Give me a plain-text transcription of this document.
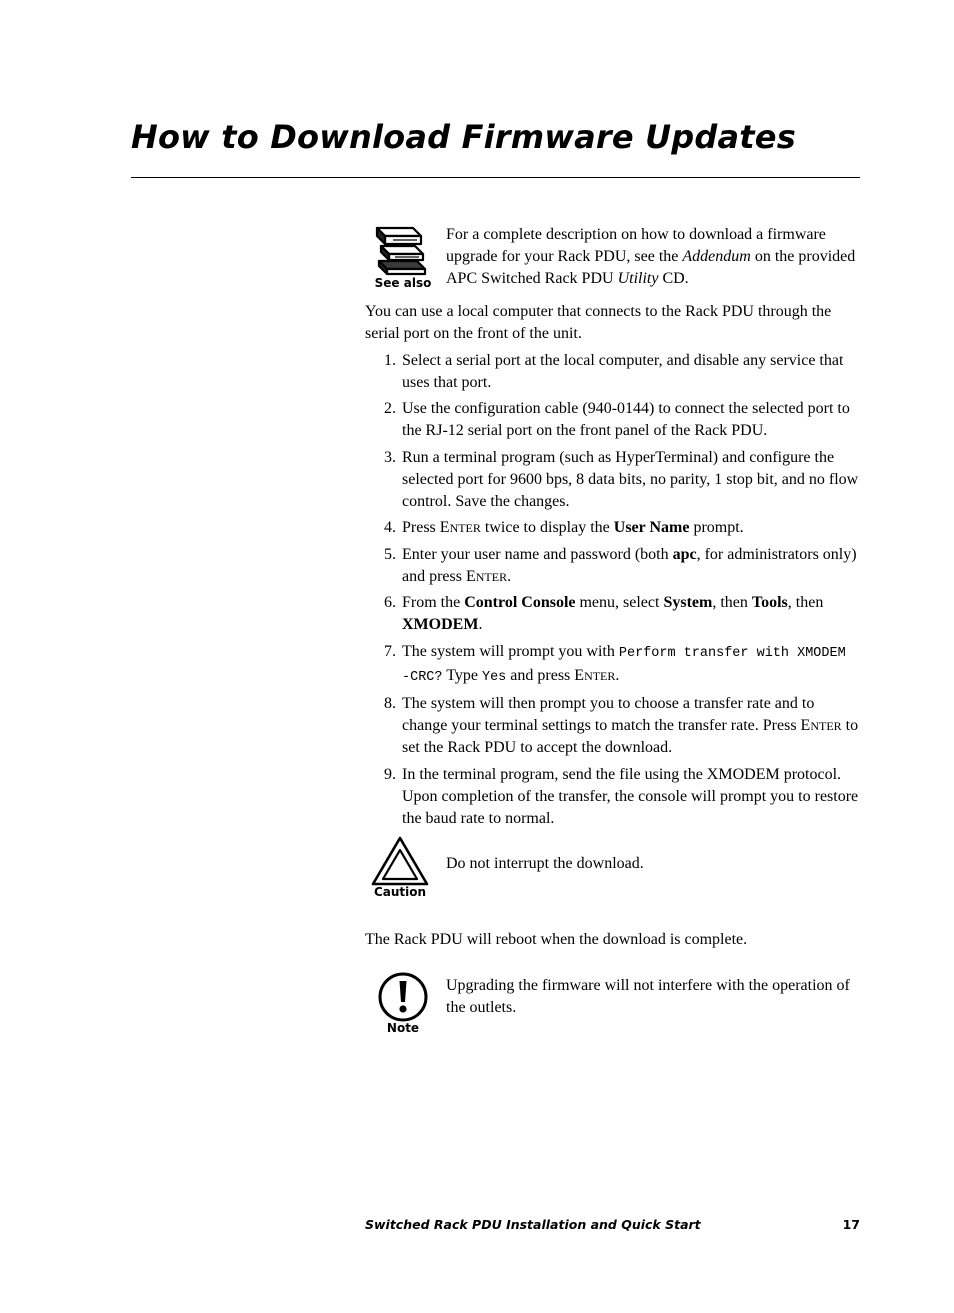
How to Download Firmware Updates
See also
For a complete description on how to download a firmware upgrade for your Rack PDU, see the Addendum on the provided APC Switched Rack PDU Utility CD.

You can use a local computer that connects to the Rack PDU through the serial port on the front of the unit.

1. Select a serial port at the local computer, and disable any service that uses that port.
2. Use the configuration cable (940-0144) to connect the selected port to the RJ-12 serial port on the front panel of the Rack PDU.
3. Run a terminal program (such as HyperTerminal) and configure the selected port for 9600 bps, 8 data bits, no parity, 1 stop bit, and no flow control. Save the changes.
4. Press ENTER twice to display the User Name prompt.
5. Enter your user name and password (both apc, for administrators only) and press ENTER.
6. From the Control Console menu, select System, then Tools, then XMODEM.
7. The system will prompt you with Perform transfer with XMODEM -CRC? Type Yes and press ENTER.
8. The system will then prompt you to choose a transfer rate and to change your terminal settings to match the transfer rate. Press ENTER to set the Rack PDU to accept the download.
9. In the terminal program, send the file using the XMODEM protocol. Upon completion of the transfer, the console will prompt you to restore the baud rate to normal.
Caution
Do not interrupt the download.

The Rack PDU will reboot when the download is complete.

Note
Upgrading the firmware will not interfere with the operation of the outlets.
Switched Rack PDU Installation and Quick Start	17
